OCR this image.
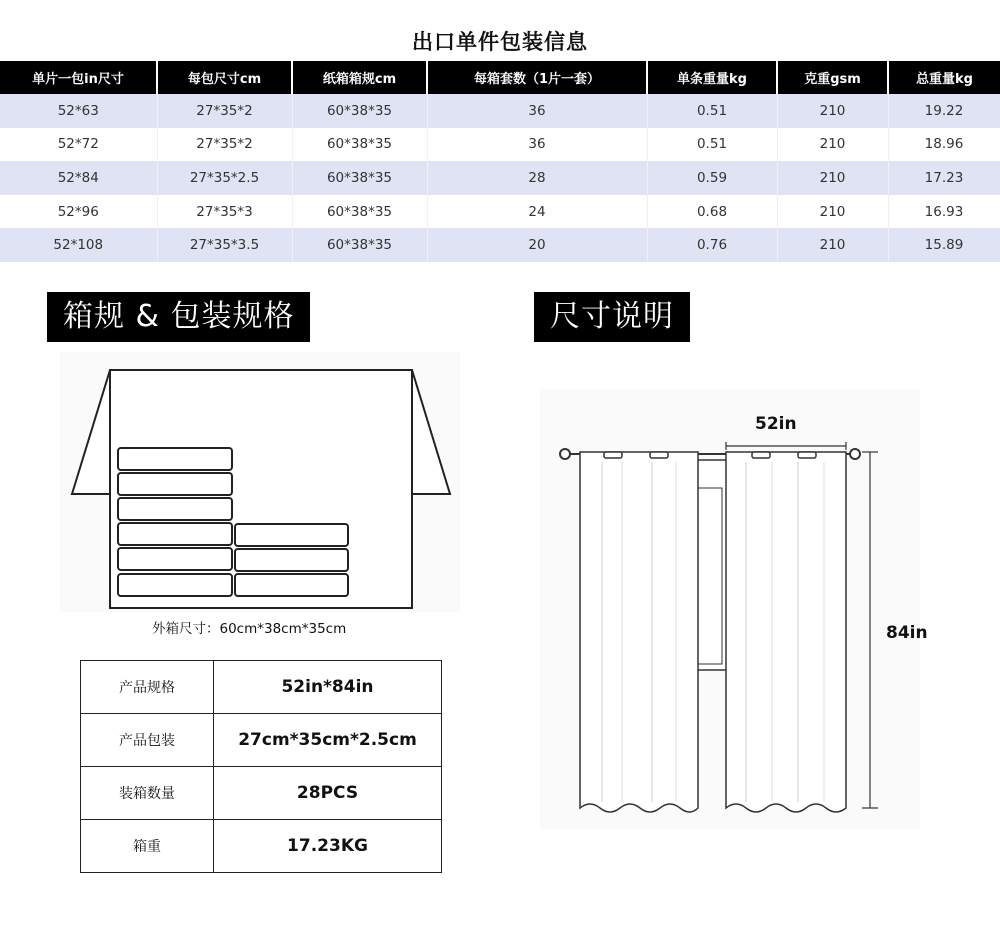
出口单件包装信息
单片一包in尺寸	每包尺寸cm	纸箱箱规cm	每箱套数（1片一套）	单条重量kg	克重gsm	总重量kg
52*63	27*35*2	60*38*35	36	0.51	210	19.22
52*72	27*35*2	60*38*35	36	0.51	210	18.96
52*84	27*35*2.5	60*38*35	28	0.59	210	17.23
52*96	27*35*3	60*38*35	24	0.68	210	16.93
52*108	27*35*3.5	60*38*35	20	0.76	210	15.89
箱规 & 包装规格
外箱尺寸：60cm*38cm*35cm
产品规格	52in*84in
产品包装	27cm*35cm*2.5cm
装箱数量	28PCS
箱重	17.23KG
尺寸说明
52in
84in
